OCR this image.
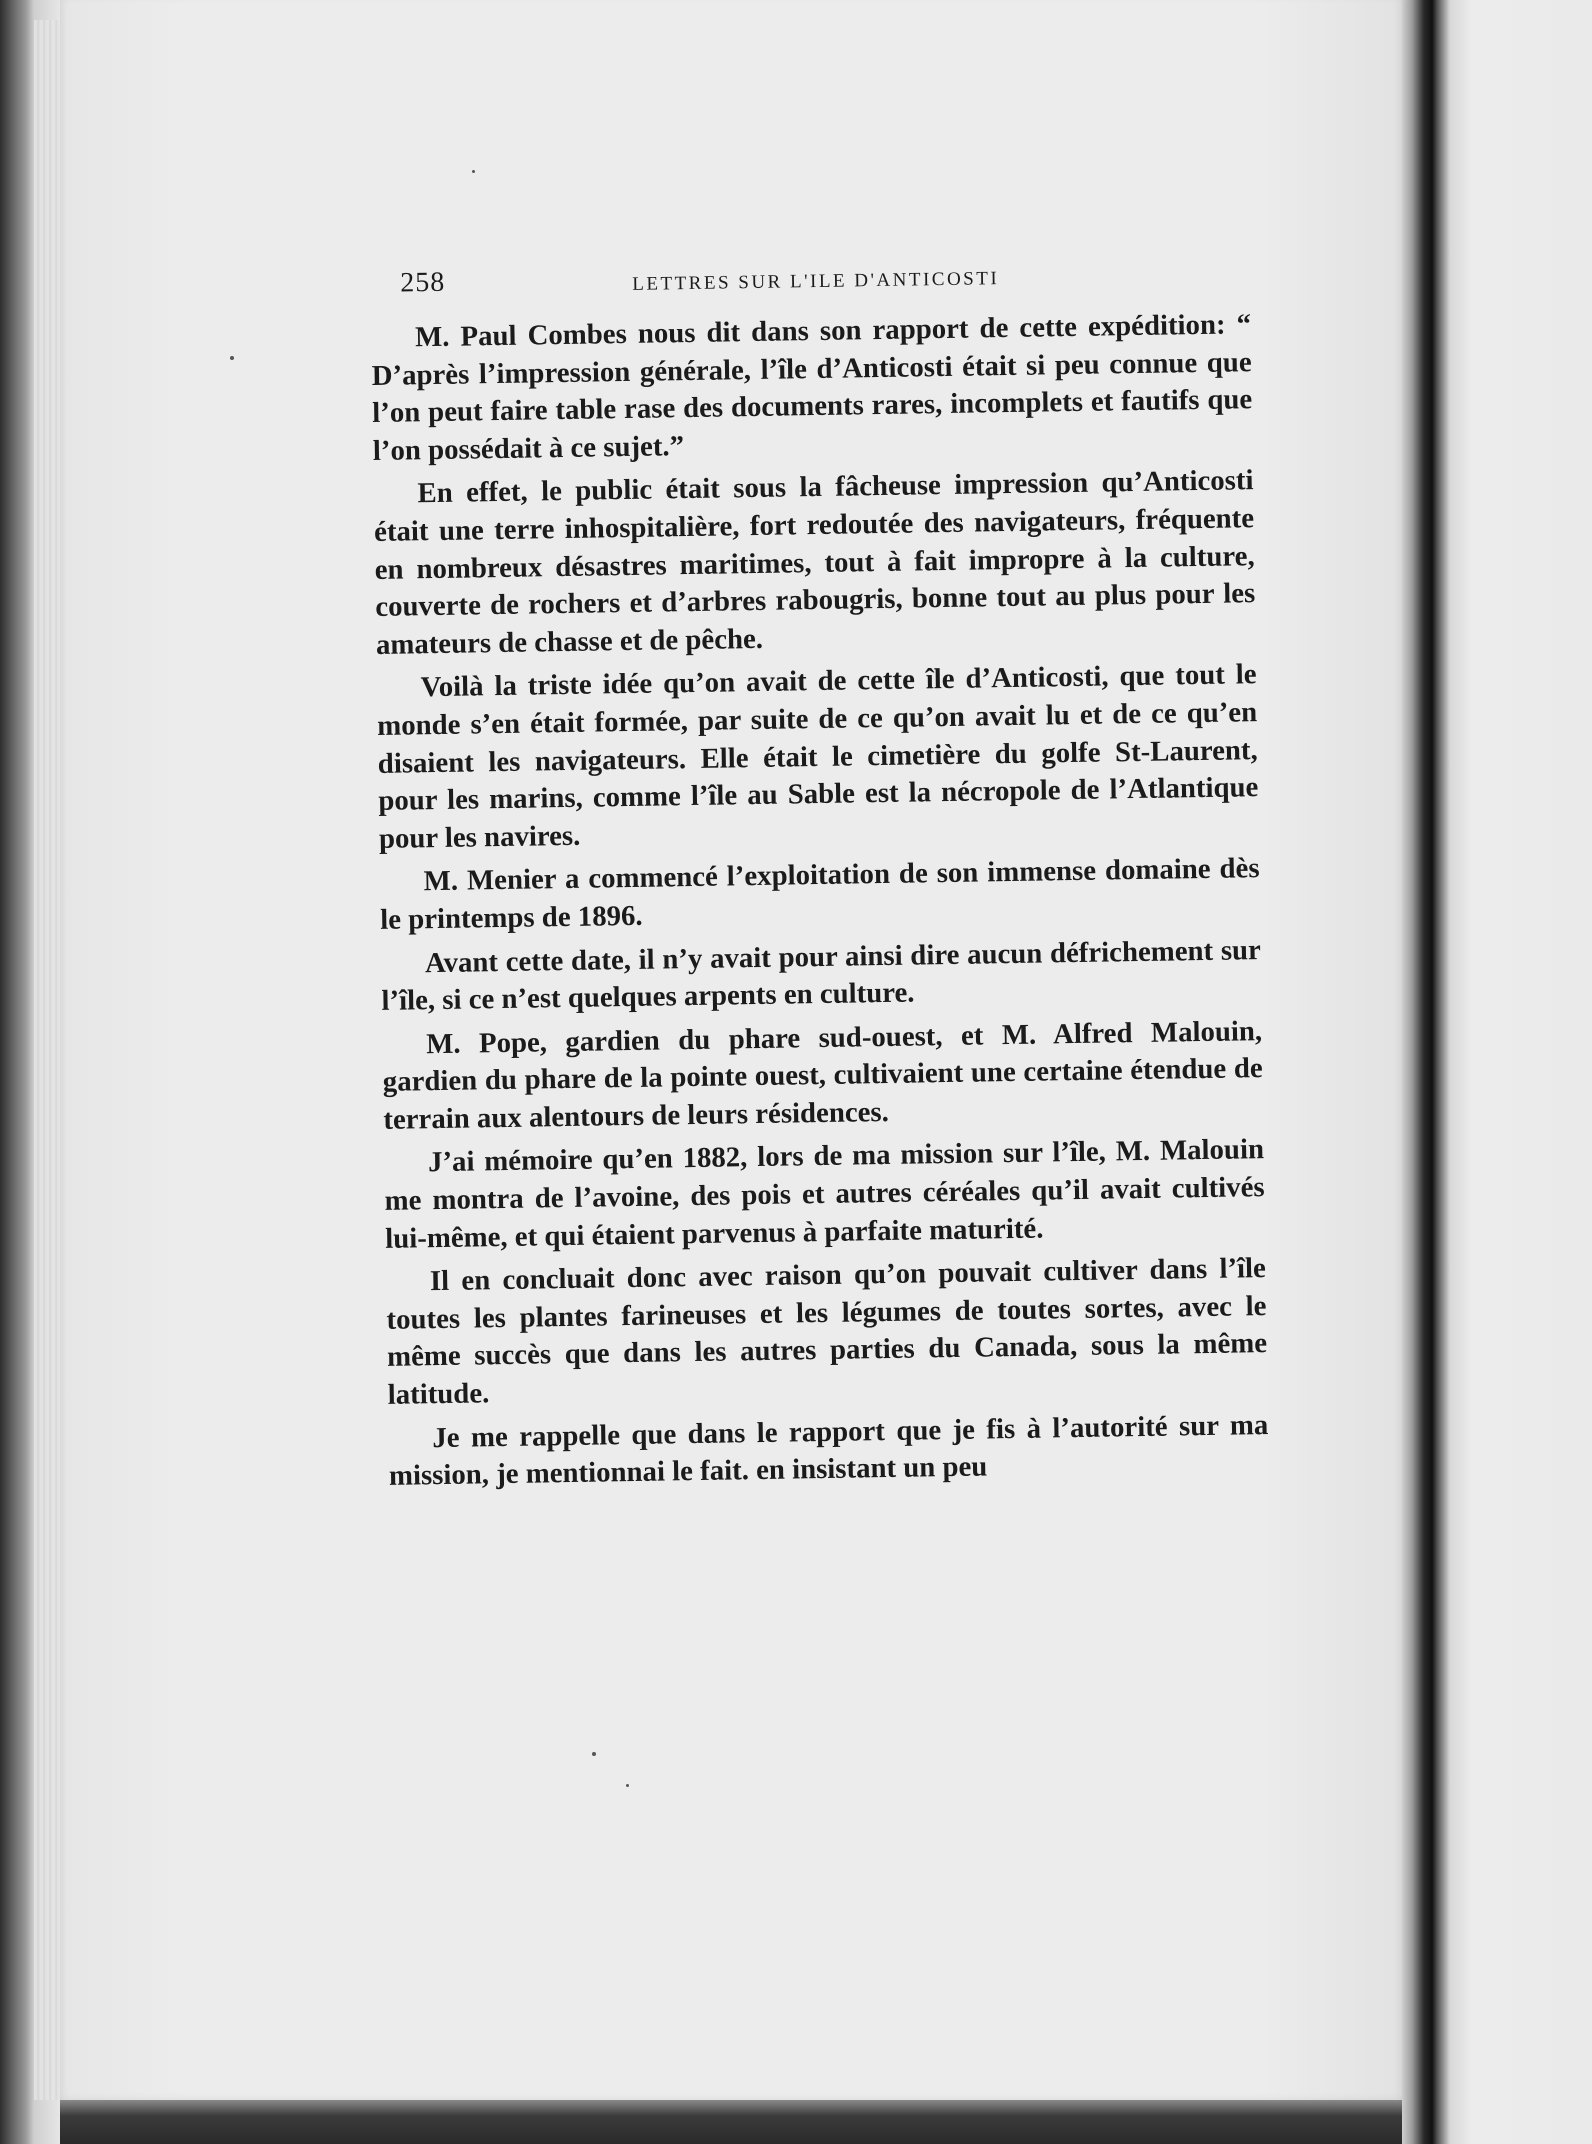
258	LETTRES SUR L'ILE D'ANTICOSTI

M. Paul Combes nous dit dans son rapport de cette expédition: “ D’après l’impression générale, l’île d’Anticosti était si peu connue que l’on peut faire table rase des documents rares, incomplets et fautifs que l’on possédait à ce sujet.”

En effet, le public était sous la fâcheuse impression qu’Anticosti était une terre inhospitalière, fort redoutée des navigateurs, fréquente en nombreux désastres maritimes, tout à fait impropre à la culture, couverte de rochers et d’arbres rabougris, bonne tout au plus pour les amateurs de chasse et de pêche.

Voilà la triste idée qu’on avait de cette île d’Anticosti, que tout le monde s’en était formée, par suite de ce qu’on avait lu et de ce qu’en disaient les navigateurs. Elle était le cimetière du golfe St-Laurent, pour les marins, comme l’île au Sable est la nécropole de l’Atlantique pour les navires.

M. Menier a commencé l’exploitation de son immense domaine dès le printemps de 1896.

Avant cette date, il n’y avait pour ainsi dire aucun défrichement sur l’île, si ce n’est quelques arpents en culture.

M. Pope, gardien du phare sud-ouest, et M. Alfred Malouin, gardien du phare de la pointe ouest, cultivaient une certaine étendue de terrain aux alentours de leurs résidences.

J’ai mémoire qu’en 1882, lors de ma mission sur l’île, M. Malouin me montra de l’avoine, des pois et autres céréales qu’il avait cultivés lui-même, et qui étaient parvenus à parfaite maturité.

Il en concluait donc avec raison qu’on pouvait cultiver dans l’île toutes les plantes farineuses et les légumes de toutes sortes, avec le même succès que dans les autres parties du Canada, sous la même latitude.

Je me rappelle que dans le rapport que je fis à l’autorité sur ma mission, je mentionnai le fait. en insistant un peu
